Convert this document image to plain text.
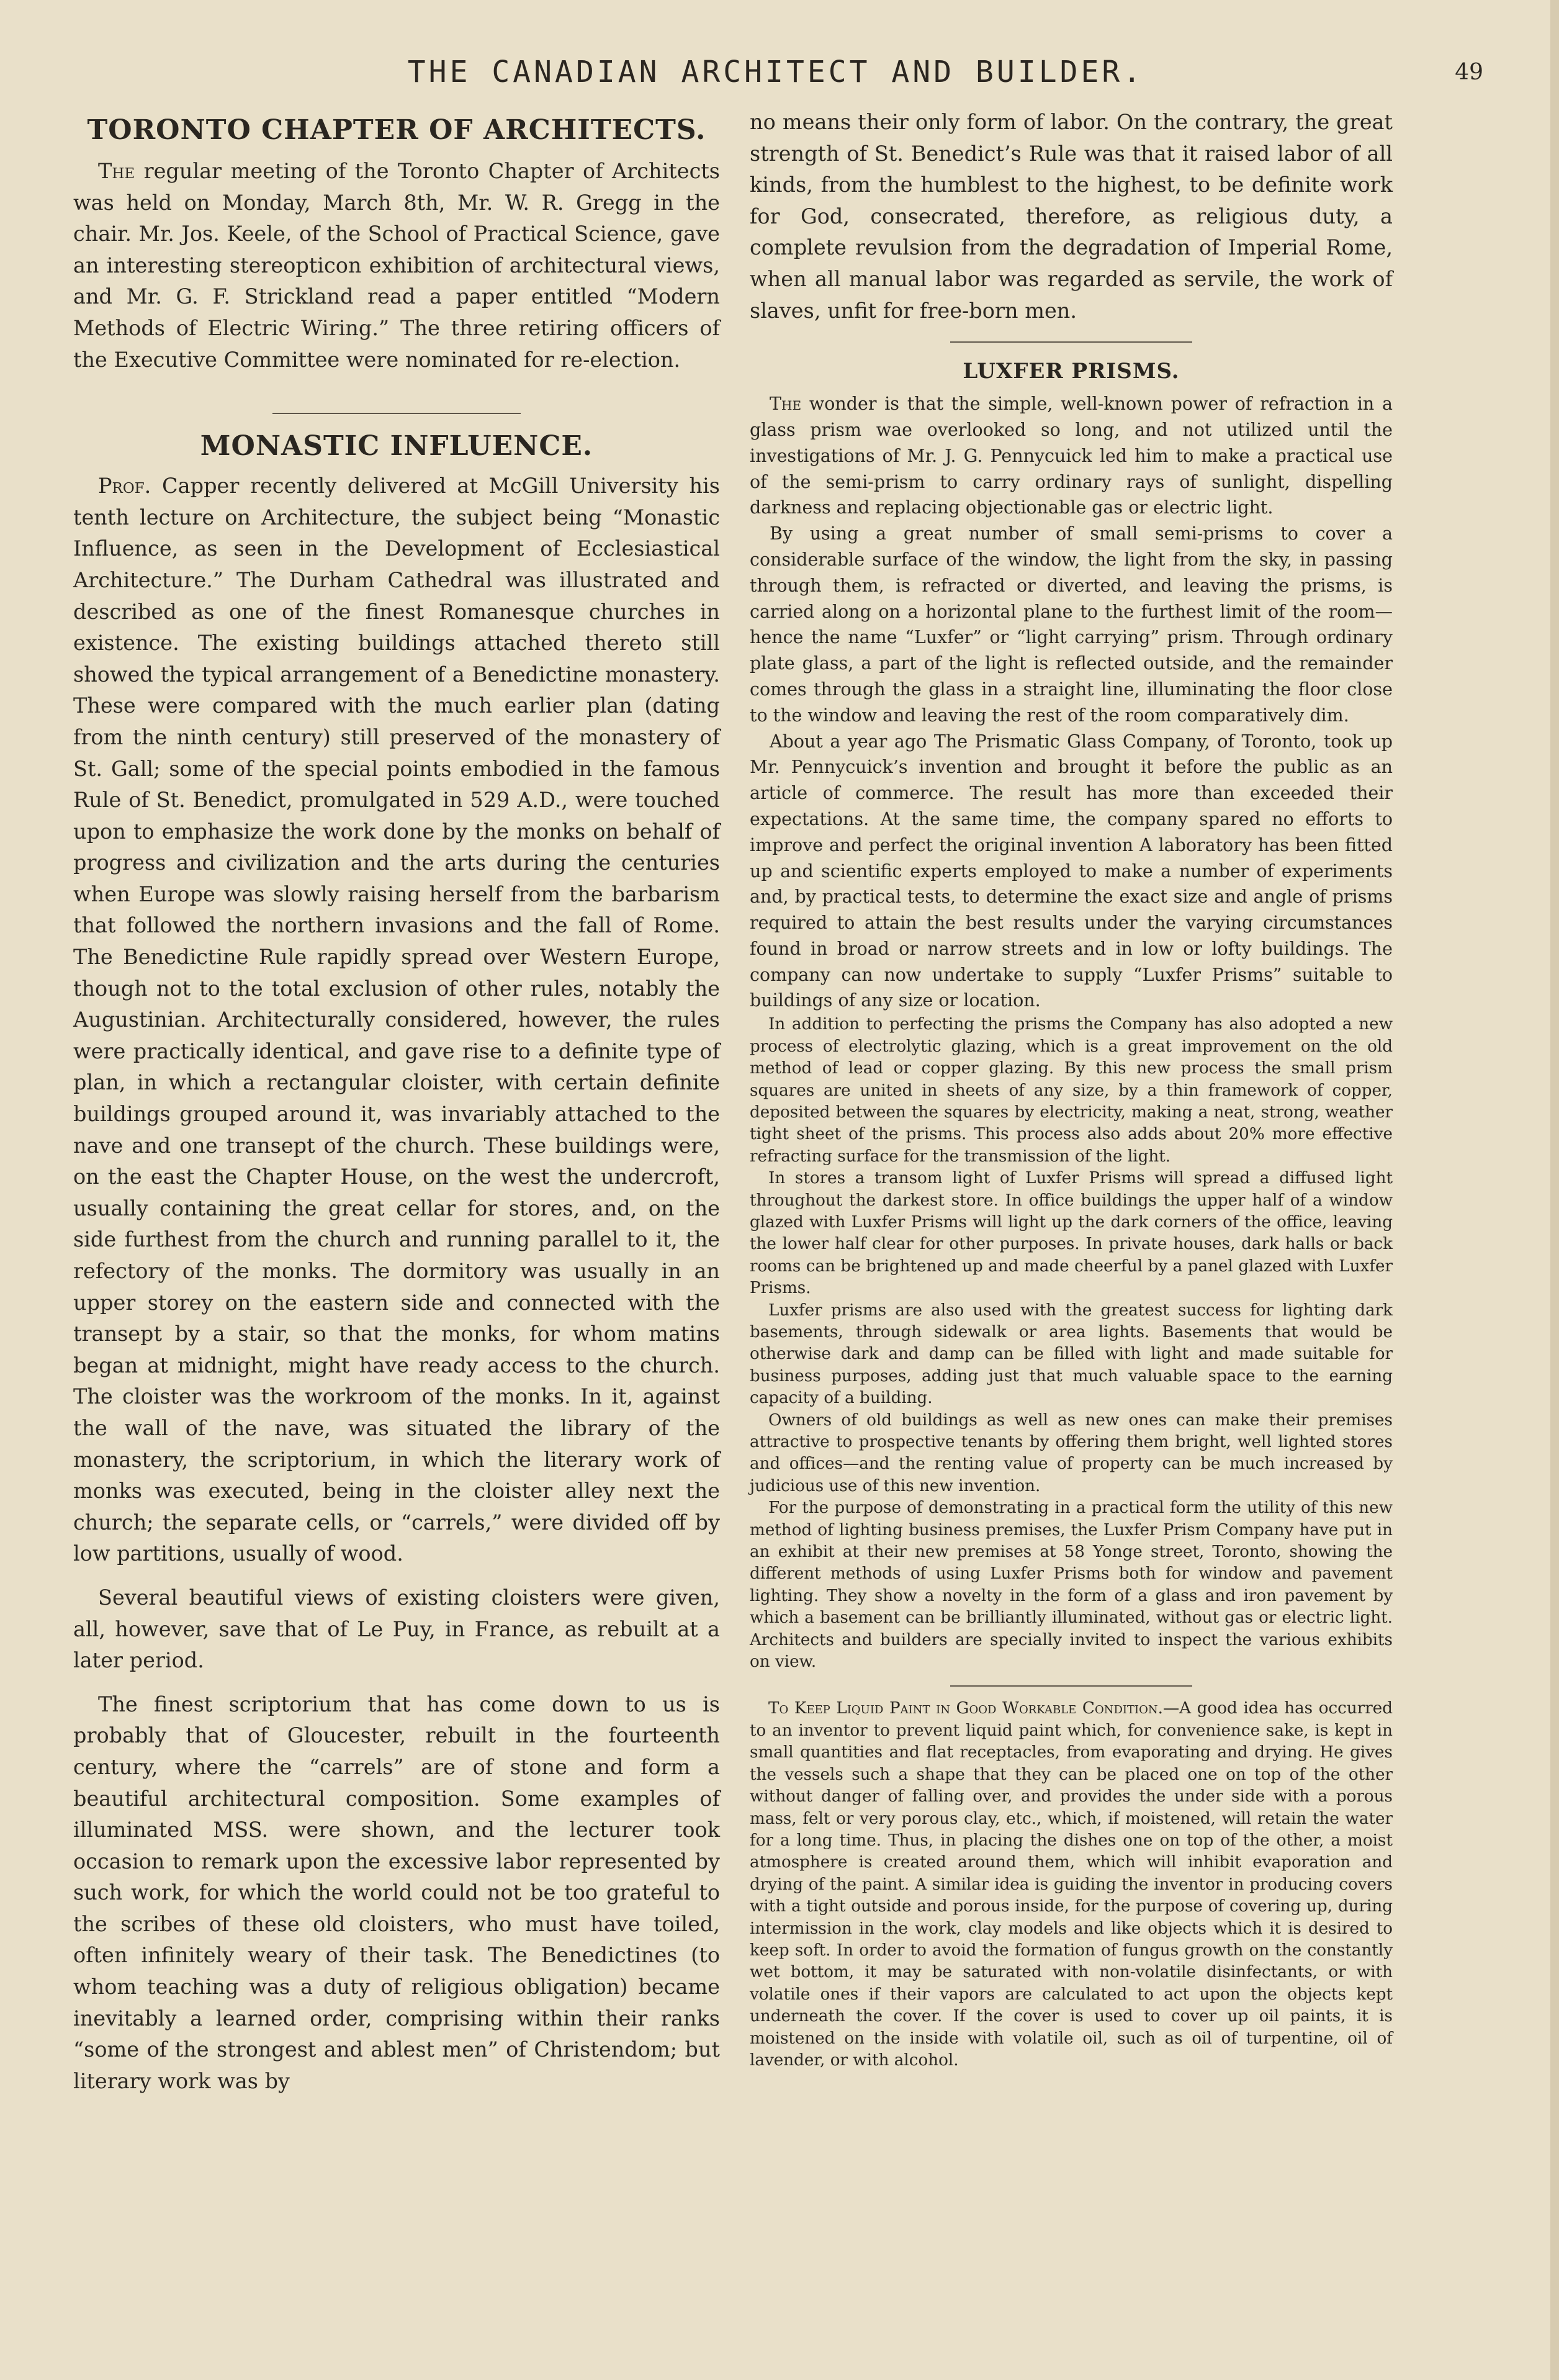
THE CANADIAN ARCHITECT AND BUILDER.	49
TORONTO CHAPTER OF ARCHITECTS.

The regular meeting of the Toronto Chapter of Architects was held on Monday, March 8th, Mr. W. R. Gregg in the chair. Mr. Jos. Keele, of the School of Practical Science, gave an interesting stereopticon exhibition of architectural views, and Mr. G. F. Strickland read a paper entitled “Modern Methods of Electric Wiring.” The three retiring officers of the Executive Committee were nominated for re-election.

MONASTIC INFLUENCE.

Prof. Capper recently delivered at McGill University his tenth lecture on Architecture, the subject being “Monastic Influence, as seen in the Development of Ecclesiastical Architecture.” The Durham Cathedral was illustrated and described as one of the finest Romanesque churches in existence. The existing buildings attached thereto still showed the typical arrangement of a Benedictine monastery. These were compared with the much earlier plan (dating from the ninth century) still preserved of the monastery of St. Gall; some of the special points embodied in the famous Rule of St. Benedict, promulgated in 529 A.D., were touched upon to emphasize the work done by the monks on behalf of progress and civilization and the arts during the centuries when Europe was slowly raising herself from the barbarism that followed the northern invasions and the fall of Rome. The Benedictine Rule rapidly spread over Western Europe, though not to the total exclusion of other rules, notably the Augustinian. Architecturally considered, however, the rules were practically identical, and gave rise to a definite type of plan, in which a rectangular cloister, with certain definite buildings grouped around it, was invariably attached to the nave and one transept of the church. These buildings were, on the east the Chapter House, on the west the undercroft, usually containing the great cellar for stores, and, on the side furthest from the church and running parallel to it, the refectory of the monks. The dormitory was usually in an upper storey on the eastern side and connected with the transept by a stair, so that the monks, for whom matins began at midnight, might have ready access to the church. The cloister was the workroom of the monks. In it, against the wall of the nave, was situated the library of the monastery, the scriptorium, in which the literary work of monks was executed, being in the cloister alley next the church; the separate cells, or “carrels,” were divided off by low partitions, usually of wood.

Several beautiful views of existing cloisters were given, all, however, save that of Le Puy, in France, as rebuilt at a later period.

The finest scriptorium that has come down to us is probably that of Gloucester, rebuilt in the fourteenth century, where the “carrels” are of stone and form a beautiful architectural composition. Some examples of illuminated MSS. were shown, and the lecturer took occasion to remark upon the excessive labor represented by such work, for which the world could not be too grateful to the scribes of these old cloisters, who must have toiled, often infinitely weary of their task. The Benedictines (to whom teaching was a duty of religious obligation) became inevitably a learned order, comprising within their ranks “some of the strongest and ablest men” of Christendom; but literary work was by

no means their only form of labor. On the contrary, the great strength of St. Benedict’s Rule was that it raised labor of all kinds, from the humblest to the highest, to be definite work for God, consecrated, therefore, as religious duty, a complete revulsion from the degradation of Imperial Rome, when all manual labor was regarded as servile, the work of slaves, unfit for free-born men.

LUXFER PRISMS.

The wonder is that the simple, well-known power of refraction in a glass prism wae overlooked so long, and not utilized until the investigations of Mr. J. G. Pennycuick led him to make a practical use of the semi-prism to carry ordinary rays of sunlight, dispelling darkness and replacing objectionable gas or electric light.

By using a great number of small semi-prisms to cover a considerable surface of the window, the light from the sky, in passing through them, is refracted or diverted, and leaving the prisms, is carried along on a horizontal plane to the furthest limit of the room—hence the name “Luxfer” or “light carrying” prism. Through ordinary plate glass, a part of the light is reflected outside, and the remainder comes through the glass in a straight line, illuminating the floor close to the window and leaving the rest of the room comparatively dim.

About a year ago The Prismatic Glass Company, of Toronto, took up Mr. Pennycuick’s invention and brought it before the public as an article of commerce. The result has more than exceeded their expectations. At the same time, the company spared no efforts to improve and perfect the original invention A laboratory has been fitted up and scientific experts employed to make a number of experiments and, by practical tests, to determine the exact size and angle of prisms required to attain the best results under the varying circumstances found in broad or narrow streets and in low or lofty buildings. The company can now undertake to supply “Luxfer Prisms” suitable to buildings of any size or location.

In addition to perfecting the prisms the Company has also adopted a new process of electrolytic glazing, which is a great improvement on the old method of lead or copper glazing. By this new process the small prism squares are united in sheets of any size, by a thin framework of copper, deposited between the squares by electricity, making a neat, strong, weather tight sheet of the prisms. This process also adds about 20% more effective refracting surface for the transmission of the light.

In stores a transom light of Luxfer Prisms will spread a diffused light throughout the darkest store. In office buildings the upper half of a window glazed with Luxfer Prisms will light up the dark corners of the office, leaving the lower half clear for other purposes. In private houses, dark halls or back rooms can be brightened up and made cheerful by a panel glazed with Luxfer Prisms.

Luxfer prisms are also used with the greatest success for lighting dark basements, through sidewalk or area lights. Basements that would be otherwise dark and damp can be filled with light and made suitable for business purposes, adding just that much valuable space to the earning capacity of a building.

Owners of old buildings as well as new ones can make their premises attractive to prospective tenants by offering them bright, well lighted stores and offices—and the renting value of property can be much increased by judicious use of this new invention.

For the purpose of demonstrating in a practical form the utility of this new method of lighting business premises, the Luxfer Prism Company have put in an exhibit at their new premises at 58 Yonge street, Toronto, showing the different methods of using Luxfer Prisms both for window and pavement lighting. They show a novelty in the form of a glass and iron pavement by which a basement can be brilliantly illuminated, without gas or electric light. Architects and builders are specially invited to inspect the various exhibits on view.

To Keep Liquid Paint in Good Workable Condition.—A good idea has occurred to an inventor to prevent liquid paint which, for convenience sake, is kept in small quantities and flat receptacles, from evaporating and drying. He gives the vessels such a shape that they can be placed one on top of the other without danger of falling over, and provides the under side with a porous mass, felt or very porous clay, etc., which, if moistened, will retain the water for a long time. Thus, in placing the dishes one on top of the other, a moist atmosphere is created around them, which will inhibit evaporation and drying of the paint. A similar idea is guiding the inventor in producing covers with a tight outside and porous inside, for the purpose of covering up, during intermission in the work, clay models and like objects which it is desired to keep soft. In order to avoid the formation of fungus growth on the constantly wet bottom, it may be saturated with non-volatile disinfectants, or with volatile ones if their vapors are calculated to act upon the objects kept underneath the cover. If the cover is used to cover up oil paints, it is moistened on the inside with volatile oil, such as oil of turpentine, oil of lavender, or with alcohol.
